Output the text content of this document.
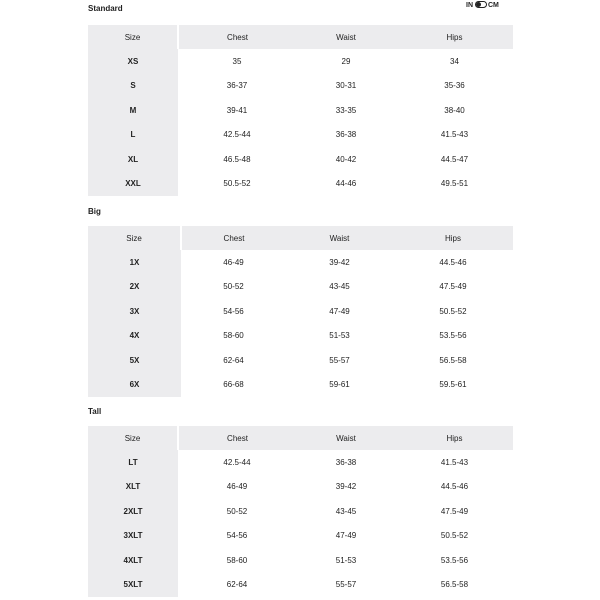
IN CM
Standard
Size	Chest	Waist	Hips
XS	35	29	34
S	36-37	30-31	35-36
M	39-41	33-35	38-40
L	42.5-44	36-38	41.5-43
XL	46.5-48	40-42	44.5-47
XXL	50.5-52	44-46	49.5-51
Big
Size	Chest	Waist	Hips
1X	46-49	39-42	44.5-46
2X	50-52	43-45	47.5-49
3X	54-56	47-49	50.5-52
4X	58-60	51-53	53.5-56
5X	62-64	55-57	56.5-58
6X	66-68	59-61	59.5-61
Tall
Size	Chest	Waist	Hips
LT	42.5-44	36-38	41.5-43
XLT	46-49	39-42	44.5-46
2XLT	50-52	43-45	47.5-49
3XLT	54-56	47-49	50.5-52
4XLT	58-60	51-53	53.5-56
5XLT	62-64	55-57	56.5-58
